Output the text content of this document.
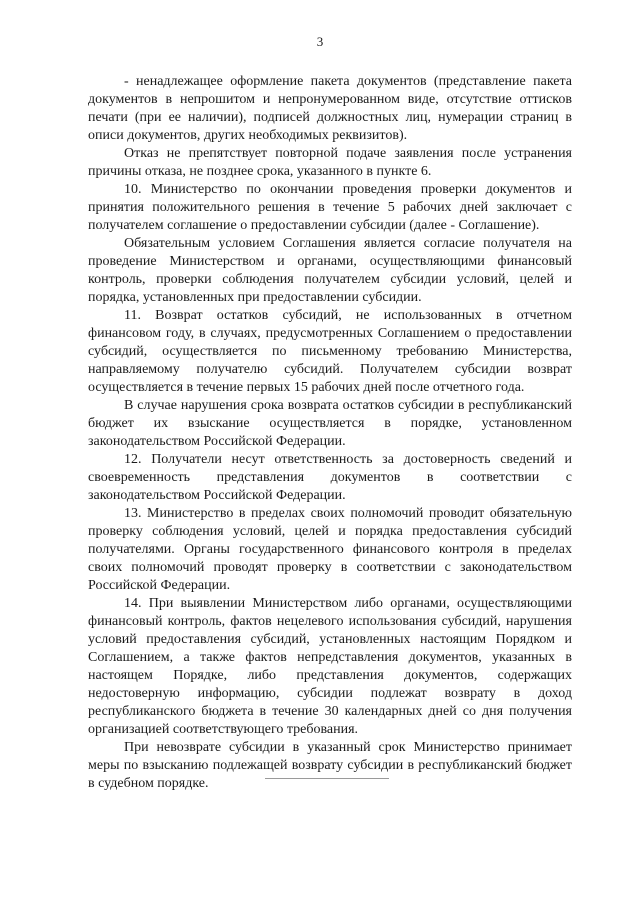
3

- ненадлежащее оформление пакета документов (представление пакета документов в непрошитом и непронумерованном виде, отсутствие оттисков печати (при ее наличии), подписей должностных лиц, нумерации страниц в описи документов, других необходимых реквизитов).

Отказ не препятствует повторной подаче заявления после устранения причины отказа, не позднее срока, указанного в пункте 6.

10. Министерство по окончании проведения проверки документов и принятия положительного решения в течение 5 рабочих дней заключает с получателем соглашение о предоставлении субсидии (далее - Соглашение).

Обязательным условием Соглашения является согласие получателя на проведение Министерством и органами, осуществляющими финансовый контроль, проверки соблюдения получателем субсидии условий, целей и порядка, установленных при предоставлении субсидии.

11. Возврат остатков субсидий, не использованных в отчетном финансовом году, в случаях, предусмотренных Соглашением о предоставлении субсидий, осуществляется по письменному требованию Министерства, направляемому получателю субсидий. Получателем субсидии возврат осуществляется в течение первых 15 рабочих дней после отчетного года.

В случае нарушения срока возврата остатков субсидии в республиканский бюджет их взыскание осуществляется в порядке, установленном законодательством Российской Федерации.

12. Получатели несут ответственность за достоверность сведений и своевременность представления документов в соответствии с законодательством Российской Федерации.

13. Министерство в пределах своих полномочий проводит обязательную проверку соблюдения условий, целей и порядка предоставления субсидий получателями. Органы государственного финансового контроля в пределах своих полномочий проводят проверку в соответствии с законодательством Российской Федерации.

14. При выявлении Министерством либо органами, осуществляющими финансовый контроль, фактов нецелевого использования субсидий, нарушения условий предоставления субсидий, установленных настоящим Порядком и Соглашением, а также фактов непредставления документов, указанных в настоящем Порядке, либо представления документов, содержащих недостоверную информацию, субсидии подлежат возврату в доход республиканского бюджета в течение 30 календарных дней со дня получения организацией соответствующего требования.

При невозврате субсидии в указанный срок Министерство принимает меры по взысканию подлежащей возврату субсидии в республиканский бюджет в судебном порядке.
